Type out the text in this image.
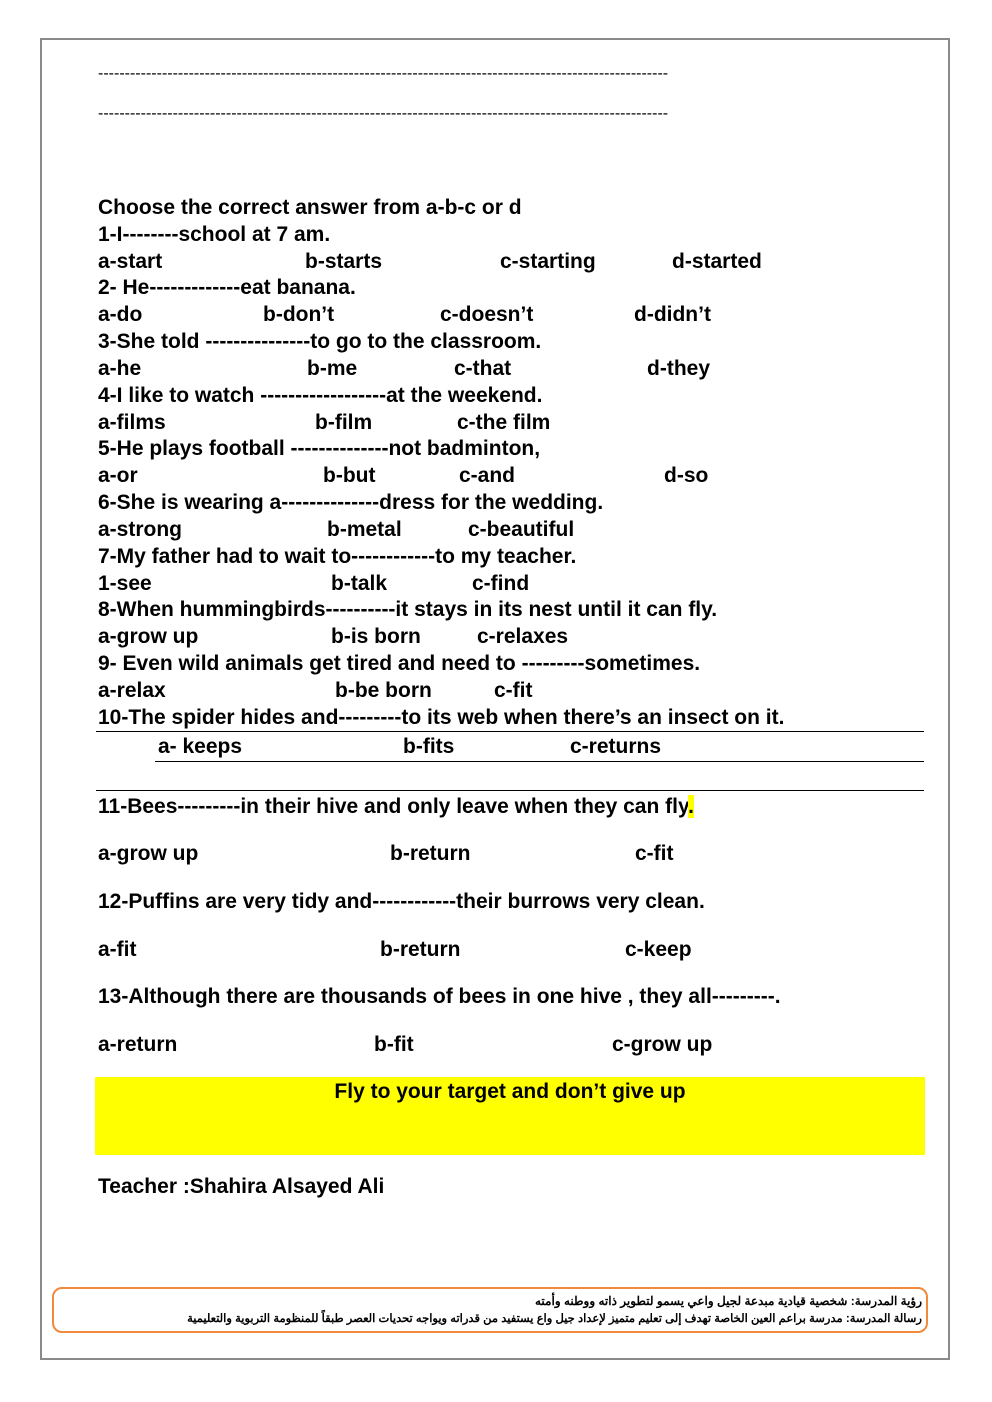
-----------------------------------------------------------------------------------------------------------
-----------------------------------------------------------------------------------------------------------
Choose the correct answer from a-b-c or d
1-I--------school at 7 am.
a-start	b-starts	c-starting	d-started
2- He-------------eat banana.
a-do	b-don’t	c-doesn’t	d-didn’t
3-She told ---------------to go to the classroom.
a-he	b-me	c-that	d-they
4-I like to watch ------------------at the weekend.
a-films	b-film	c-the film
5-He plays football --------------not badminton,
a-or	b-but	c-and	d-so
6-She is wearing a--------------dress for the wedding.
a-strong	b-metal	c-beautiful
7-My father had to wait to------------to my teacher.
1-see	b-talk	c-find
8-When hummingbirds----------it stays in its nest until it can fly.
a-grow up	b-is born	c-relaxes
9- Even wild animals get tired and need to ---------sometimes.
a-relax	b-be born	c-fit
10-The spider hides and---------to its web when there’s an insect on it.
a- keeps	b-fits	c-returns
11-Bees---------in their hive and only leave when they can fly.
a-grow up	b-return	c-fit
12-Puffins are very tidy and------------their burrows very clean.
a-fit	b-return	c-keep
13-Although there are thousands of bees in one hive , they all---------.
a-return	b-fit	c-grow up
Fly to your target and don’t give up
Teacher :Shahira Alsayed Ali
رؤية المدرسة: شخصية قيادية مبدعة لجيل واعي يسمو لتطوير ذاته ووطنه وأمته
رسالة المدرسة: مدرسة براعم العين الخاصة تهدف إلى تعليم متميز لإعداد جيل واع يستفيد من قدراته ويواجه تحديات العصر طبقاً للمنظومة التربوية والتعليمية
